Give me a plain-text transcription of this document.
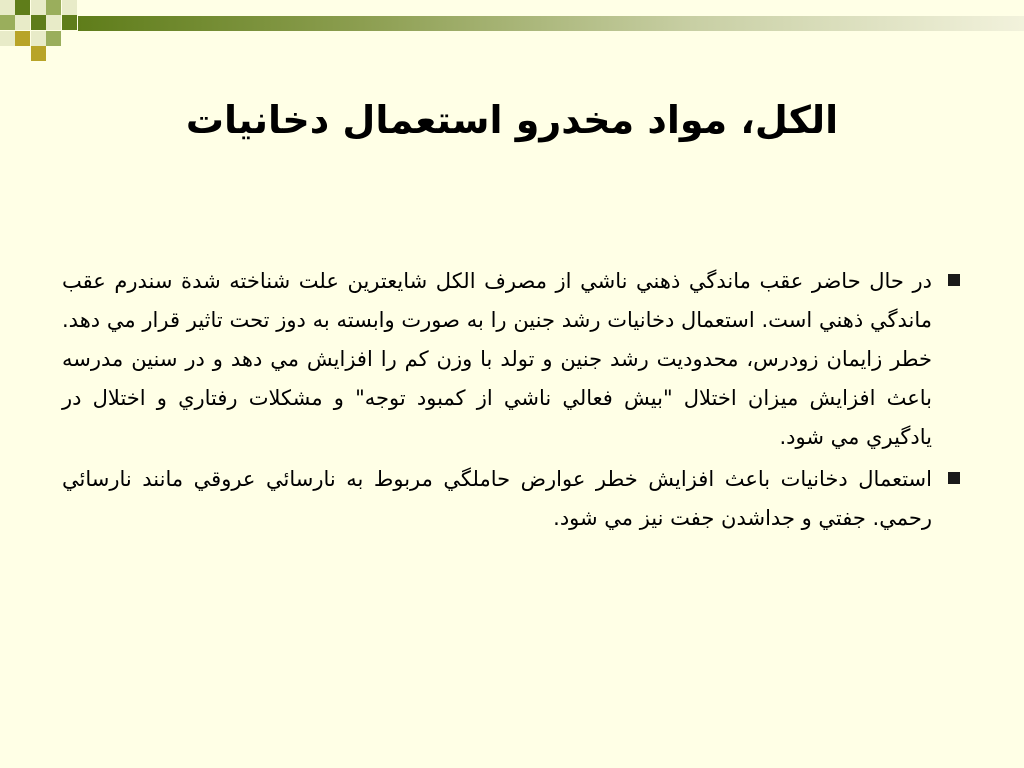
الكل، مواد مخدرو استعمال دخانيات
در حال حاضر عقب ماندگي ذهني ناشي از مصرف الكل شايعترين علت شناخته شدة سندرم عقب ماندگي ذهني است. استعمال دخانيات رشد جنين را به صورت وابسته به دوز تحت تاثير قرار مي دهد. خطر زايمان زودرس، محدوديت رشد جنين و تولد با وزن كم را افزايش مي دهد و در سنين مدرسه باعث افزايش ميزان اختلال "بيش فعالي ناشي از كمبود توجه" و مشكلات رفتاري و اختلال در يادگيري مي شود.
استعمال دخانيات باعث افزايش خطر عوارض حاملگي مربوط به نارسائي عروقي مانند نارسائي رحمي. جفتي و جداشدن جفت نيز مي شود.
